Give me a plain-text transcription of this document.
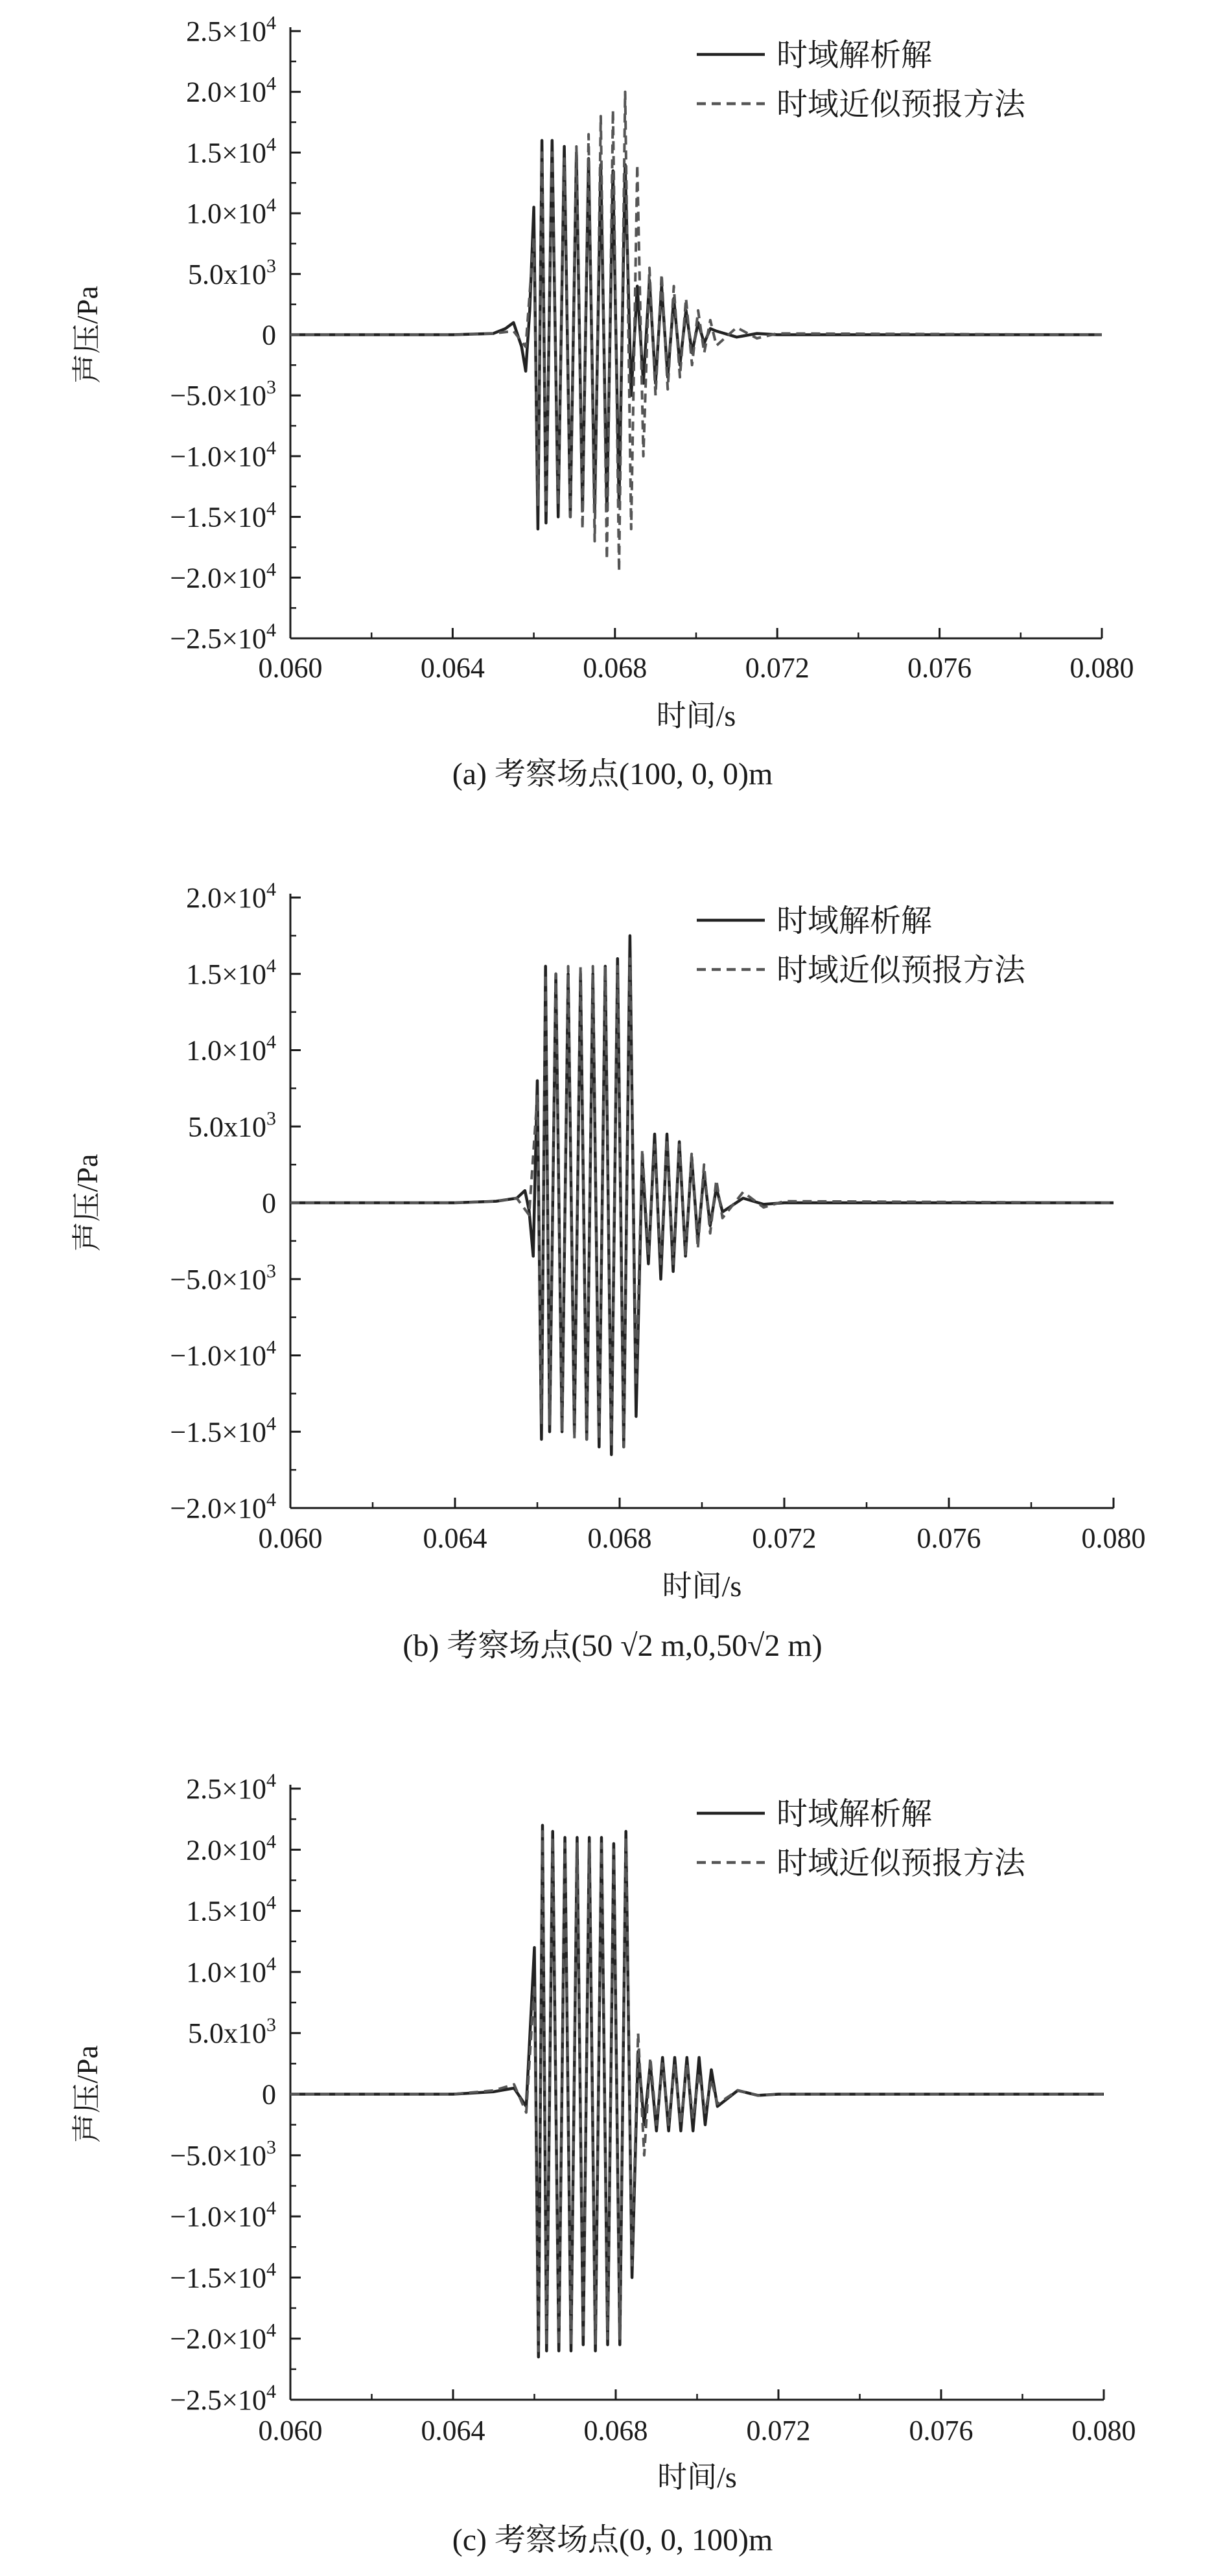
$2.5\times 10^4$
$2.0\times 10^4$
$1.5\times 10^4$
$1.0\times 10^4$
$5.0x10^3$
0
$-5.0\times 10^3$
$-1.0\times 10^4$
$-1.5\times 10^4$
$-2.0\times 10^4$
$-2.5\times 10^4$
0.060	0.064	0.068	0.072	0.076	0.080
时间/s
声压/Pa
(a) 考察场点(100, 0, 0)m
时域解析解
时域近似预报方法
$2.0\times 10^4$
$1.5\times 10^4$
$1.0\times 10^4$
$5.0x10^3$
0
$-5.0\times 10^3$
$-1.0\times 10^4$
$-1.5\times 10^4$
$-2.0\times 10^4$
0.060	0.064	0.068	0.072	0.076	0.080
时间/s
声压/Pa
(b) 考察场点(50 √2 m,0,50√2 m)
时域解析解
时域近似预报方法
$2.5\times 10^4$
$2.0\times 10^4$
$1.5\times 10^4$
$1.0\times 10^4$
$5.0x10^3$
0
$-5.0\times 10^3$
$-1.0\times 10^4$
$-1.5\times 10^4$
$-2.0\times 10^4$
$-2.5\times 10^4$
0.060	0.064	0.068	0.072	0.076	0.080
时间/s
声压/Pa
(c) 考察场点(0, 0, 100)m
时域解析解
时域近似预报方法
